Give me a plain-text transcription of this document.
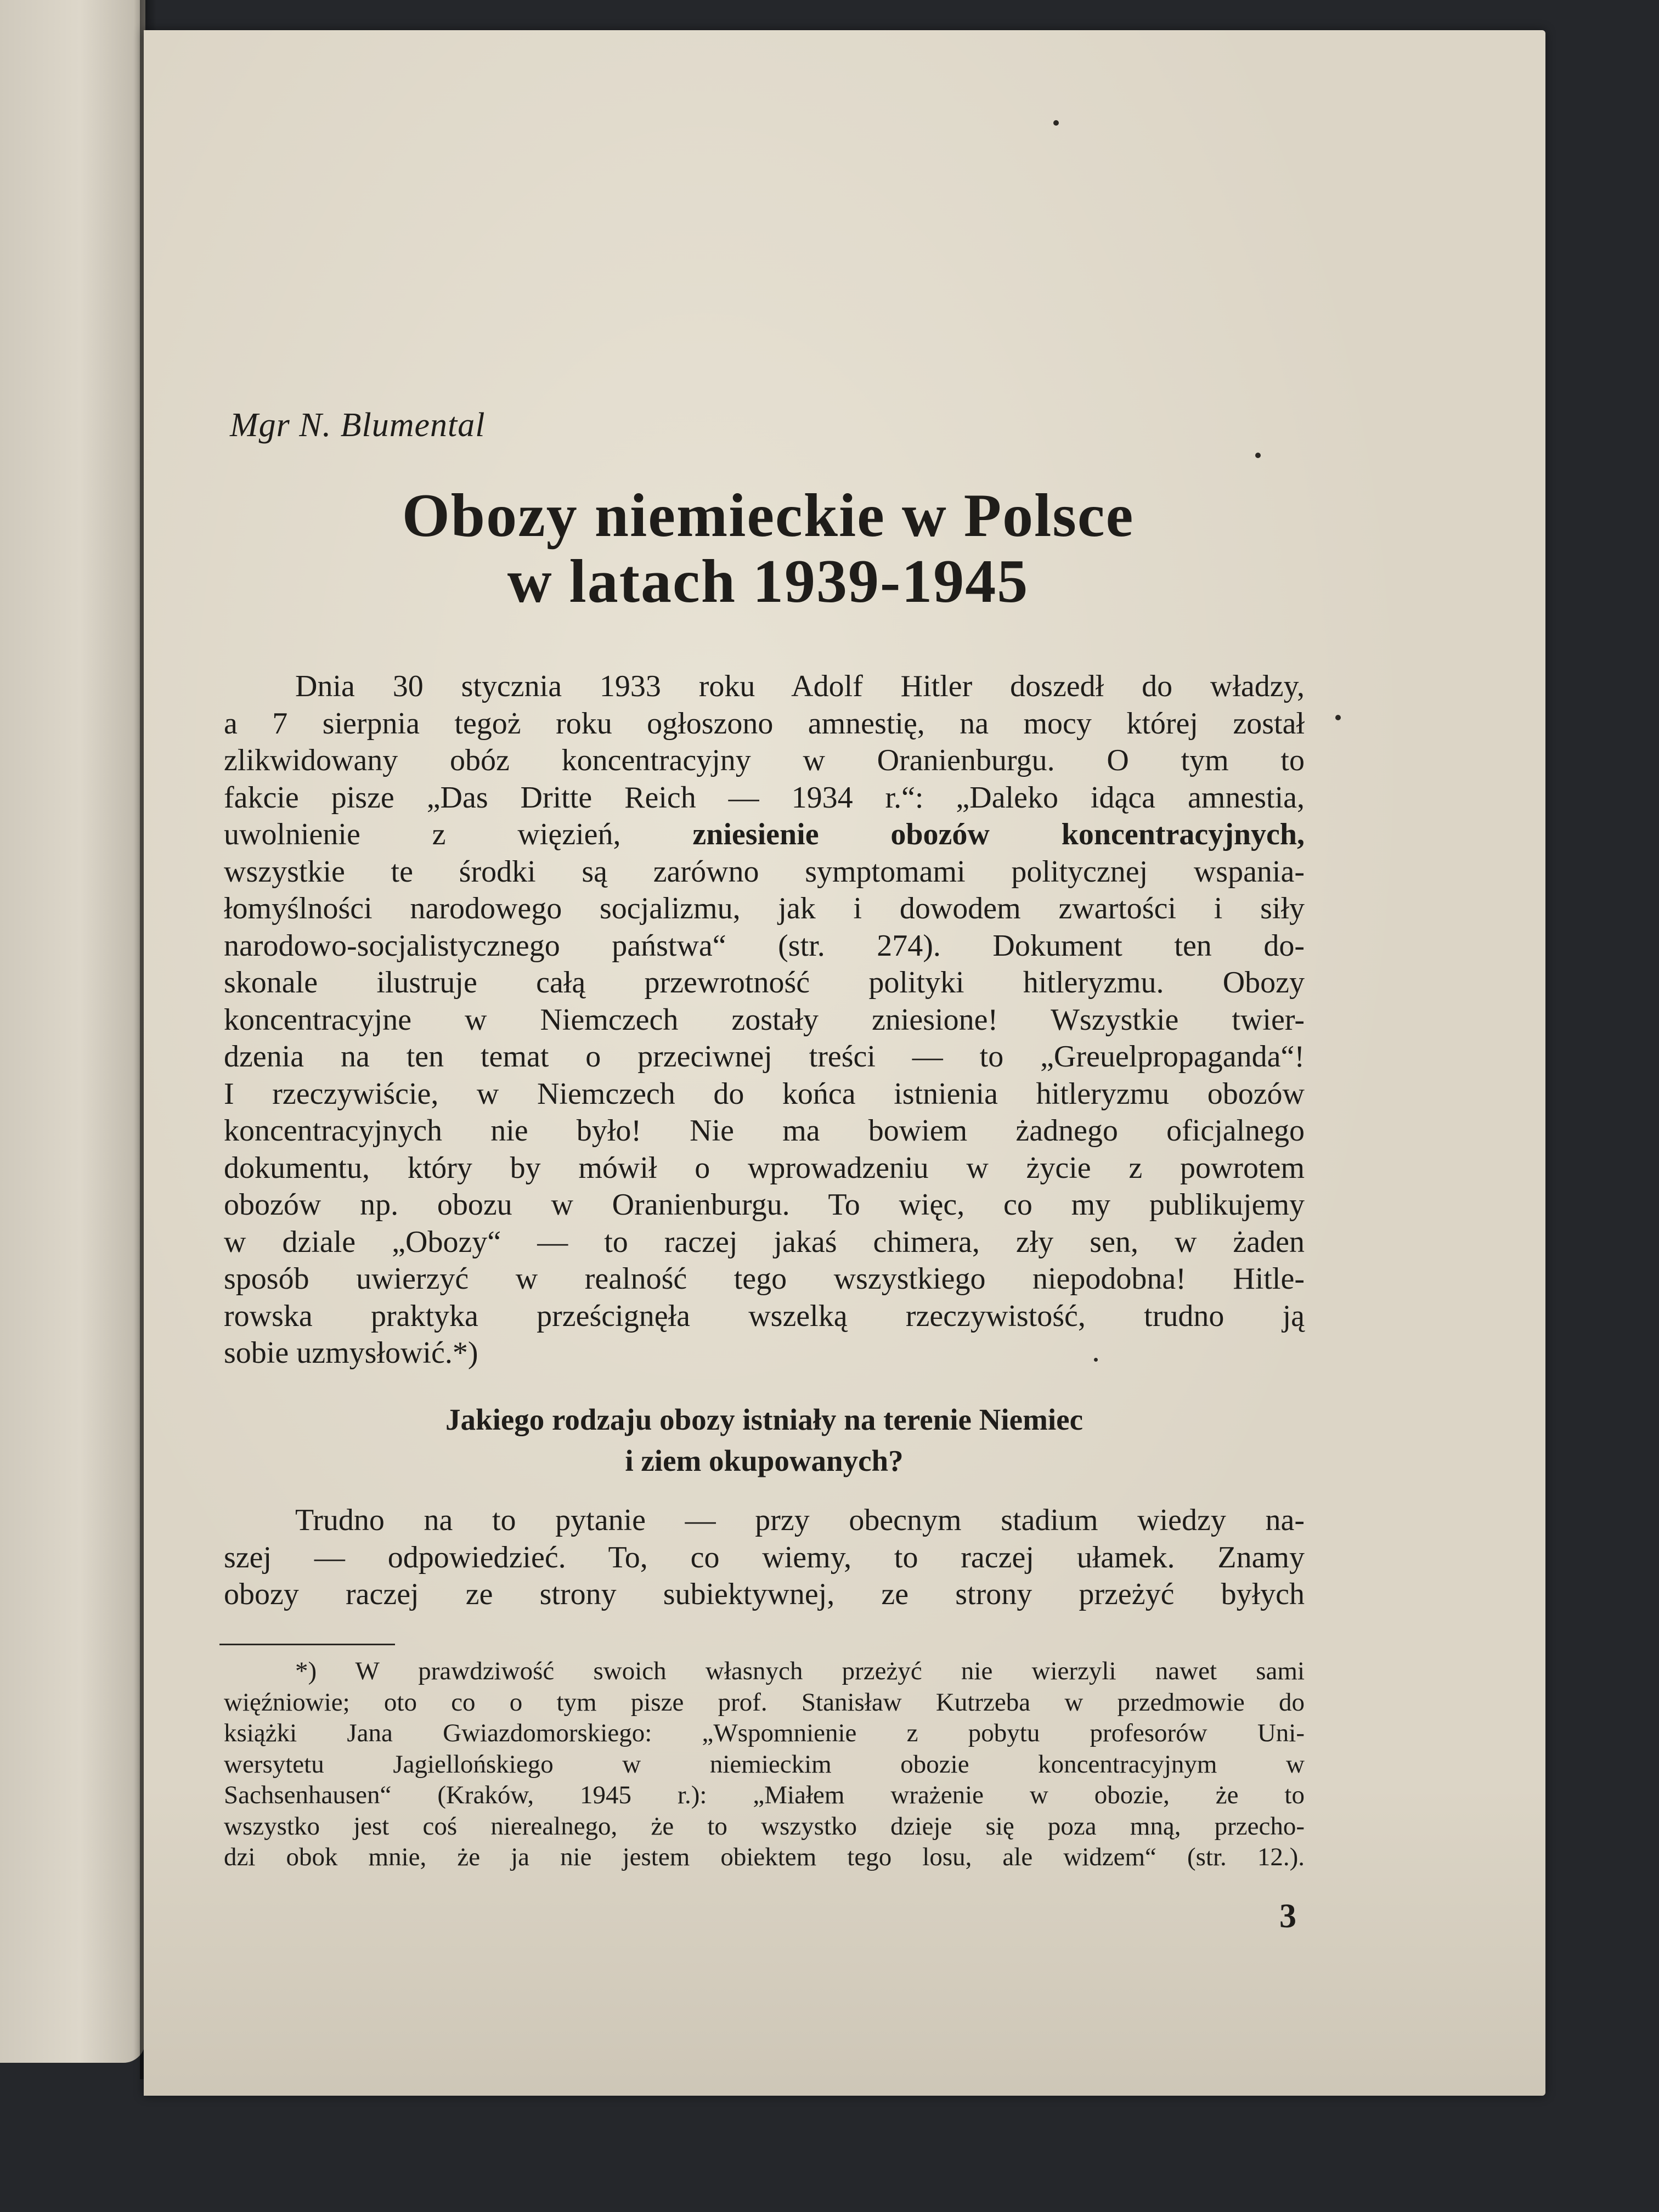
Mgr N. Blumental

Obozy niemieckie w Polsce
w latach 1939-1945
Dnia 30 stycznia 1933 roku Adolf Hitler doszedł do władzy,
a 7 sierpnia tegoż roku ogłoszono amnestię, na mocy której został
zlikwidowany obóz koncentracyjny w Oranienburgu. O tym to
fakcie pisze „Das Dritte Reich — 1934 r.“: „Daleko idąca amnestia,
uwolnienie z więzień, zniesienie obozów koncentracyjnych,
wszystkie te środki są zarówno symptomami politycznej wspania-
łomyślności narodowego socjalizmu, jak i dowodem zwartości i siły
narodowo-socjalistycznego państwa“ (str. 274). Dokument ten do-
skonale ilustruje całą przewrotność polityki hitleryzmu. Obozy
koncentracyjne w Niemczech zostały zniesione! Wszystkie twier-
dzenia na ten temat o przeciwnej treści — to „Greuelpropaganda“!
I rzeczywiście, w Niemczech do końca istnienia hitleryzmu obozów
koncentracyjnych nie było! Nie ma bowiem żadnego oficjalnego
dokumentu, który by mówił o wprowadzeniu w życie z powrotem
obozów np. obozu w Oranienburgu. To więc, co my publikujemy
w dziale „Obozy“ — to raczej jakaś chimera, zły sen, w żaden
sposób uwierzyć w realność tego wszystkiego niepodobna! Hitle-
rowska praktyka prześcignęła wszelką rzeczywistość, trudno ją
sobie uzmysłowić.*)
Jakiego rodzaju obozy istniały na terenie Niemiec
i ziem okupowanych?
Trudno na to pytanie — przy obecnym stadium wiedzy na-
szej — odpowiedzieć. To, co wiemy, to raczej ułamek. Znamy
obozy raczej ze strony subiektywnej, ze strony przeżyć byłych
*) W prawdziwość swoich własnych przeżyć nie wierzyli nawet sami
więźniowie; oto co o tym pisze prof. Stanisław Kutrzeba w przedmowie do
książki Jana Gwiazdomorskiego: „Wspomnienie z pobytu profesorów Uni-
wersytetu Jagiellońskiego w niemieckim obozie koncentracyjnym w
Sachsenhausen“ (Kraków, 1945 r.): „Miałem wrażenie w obozie, że to
wszystko jest coś nierealnego, że to wszystko dzieje się poza mną, przecho-
dzi obok mnie, że ja nie jestem obiektem tego losu, ale widzem“ (str. 12.).

3
